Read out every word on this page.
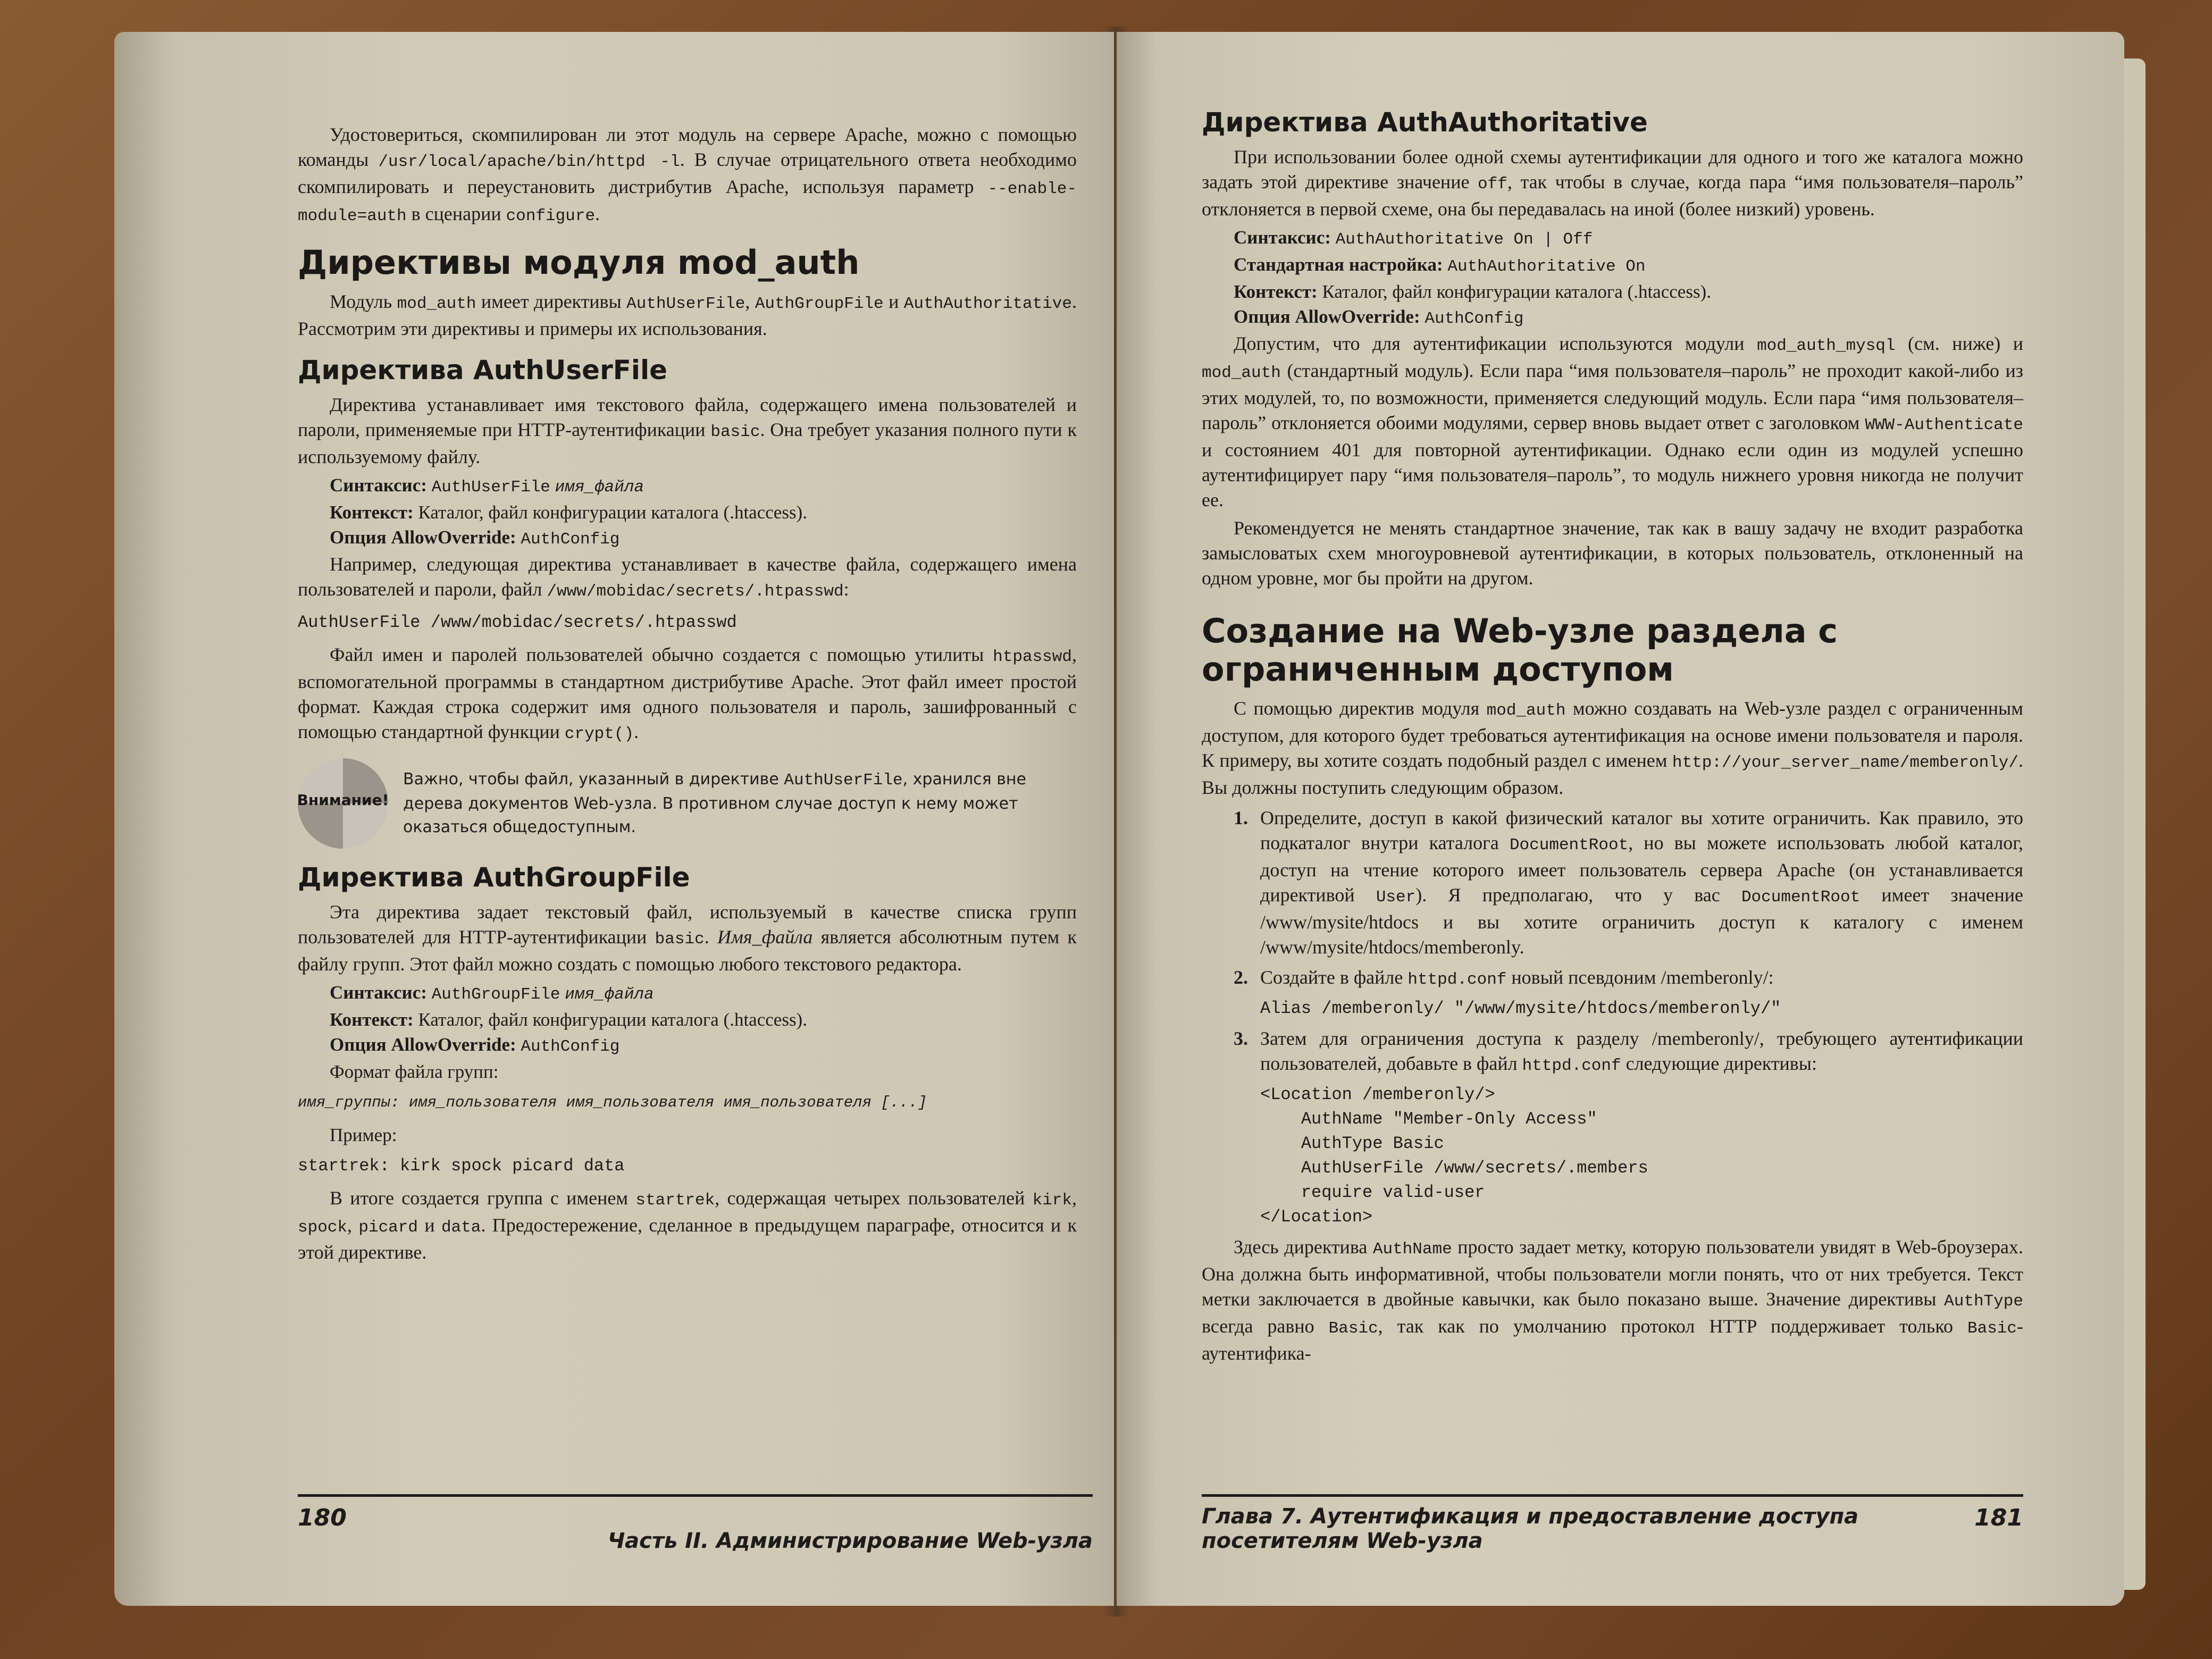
Удостовериться, скомпилирован ли этот модуль на сервере Apache, можно с помощью команды /usr/local/apache/bin/httpd -l. В случае отрицательного ответа необходимо скомпилировать и переустановить дистрибутив Apache, используя параметр --enable-module=auth в сценарии configure.

Директивы модуля mod_auth

Модуль mod_auth имеет директивы AuthUserFile, AuthGroupFile и AuthAuthoritative. Рассмотрим эти директивы и примеры их использования.

Директива AuthUserFile

Директива устанавливает имя текстового файла, содержащего имена пользователей и пароли, применяемые при HTTP-аутентификации basic. Она требует указания полного пути к используемому файлу.

Синтаксис: AuthUserFile имя_файла

Контекст: Каталог, файл конфигурации каталога (.htaccess).

Опция AllowOverride: AuthConfig

Например, следующая директива устанавливает в качестве файла, содержащего имена пользователей и пароли, файл /www/mobidac/secrets/.htpasswd:

AuthUserFile /www/mobidac/secrets/.htpasswd

Файл имен и паролей пользователей обычно создается с помощью утилиты htpasswd, вспомогательной программы в стандартном дистрибутиве Apache. Этот файл имеет простой формат. Каждая строка содержит имя одного пользователя и пароль, зашифрованный с помощью стандартной функции crypt().

Внимание!
Важно, чтобы файл, указанный в директиве AuthUserFile, хранился вне дерева документов Web-узла. В противном случае доступ к нему может оказаться общедоступным.
Директива AuthGroupFile

Эта директива задает текстовый файл, используемый в качестве списка групп пользователей для HTTP-аутентификации basic. Имя_файла является абсолютным путем к файлу групп. Этот файл можно создать с помощью любого текстового редактора.

Синтаксис: AuthGroupFile имя_файла

Контекст: Каталог, файл конфигурации каталога (.htaccess).

Опция AllowOverride: AuthConfig

Формат файла групп:

имя_группы: имя_пользователя имя_пользователя имя_пользователя [...]

Пример:

startrek: kirk spock picard data

В итоге создается группа с именем startrek, содержащая четырех пользователей kirk, spock, picard и data. Предостережение, сделанное в предыдущем параграфе, относится и к этой директиве.

180
Часть II. Администрирование Web-узла
Директива AuthAuthoritative

При использовании более одной схемы аутентификации для одного и того же каталога можно задать этой директиве значение off, так чтобы в случае, когда пара “имя пользователя–пароль” отклоняется в первой схеме, она бы передавалась на иной (более низкий) уровень.

Синтаксис: AuthAuthoritative On | Off

Стандартная настройка: AuthAuthoritative On

Контекст: Каталог, файл конфигурации каталога (.htaccess).

Опция AllowOverride: AuthConfig

Допустим, что для аутентификации используются модули mod_auth_mysql (см. ниже) и mod_auth (стандартный модуль). Если пара “имя пользователя–пароль” не проходит какой-либо из этих модулей, то, по возможности, применяется следующий модуль. Если пара “имя пользователя–пароль” отклоняется обоими модулями, сервер вновь выдает ответ с заголовком WWW-Authenticate и состоянием 401 для повторной аутентификации. Однако если один из модулей успешно аутентифицирует пару “имя пользователя–пароль”, то модуль нижнего уровня никогда не получит ее.

Рекомендуется не менять стандартное значение, так как в вашу задачу не входит разработка замысловатых схем многоуровневой аутентификации, в которых пользователь, отклоненный на одном уровне, мог бы пройти на другом.

Создание на Web-узле раздела с ограниченным доступом

С помощью директив модуля mod_auth можно создавать на Web-узле раздел с ограниченным доступом, для которого будет требоваться аутентификация на основе имени пользователя и пароля. К примеру, вы хотите создать подобный раздел с именем http://your_server_name/memberonly/. Вы должны поступить следующим образом.

1. Определите, доступ в какой физический каталог вы хотите ограничить. Как правило, это подкаталог внутри каталога DocumentRoot, но вы можете использовать любой каталог, доступ на чтение которого имеет пользователь сервера Apache (он устанавливается директивой User). Я предполагаю, что у вас DocumentRoot имеет значение /www/mysite/htdocs и вы хотите ограничить доступ к каталогу с именем /www/mysite/htdocs/memberonly.
2. Создайте в файле httpd.conf новый псевдоним /memberonly/:
Alias /memberonly/ "/www/mysite/htdocs/memberonly/"
3. Затем для ограничения доступа к разделу /memberonly/, требующего аутентификации пользователей, добавьте в файл httpd.conf следующие директивы:
<Location /memberonly/>
AuthName "Member-Only Access"
AuthType Basic
AuthUserFile /www/secrets/.members
require valid-user
</Location>

Здесь директива AuthName просто задает метку, которую пользователи увидят в Web-броузерах. Она должна быть информативной, чтобы пользователи могли понять, что от них требуется. Текст метки заключается в двойные кавычки, как было показано выше. Значение директивы AuthType всегда равно Basic, так как по умолчанию протокол HTTP поддерживает только Basic-аутентифика-

Глава 7. Аутентификация и предоставление доступа посетителям Web-узла
181
